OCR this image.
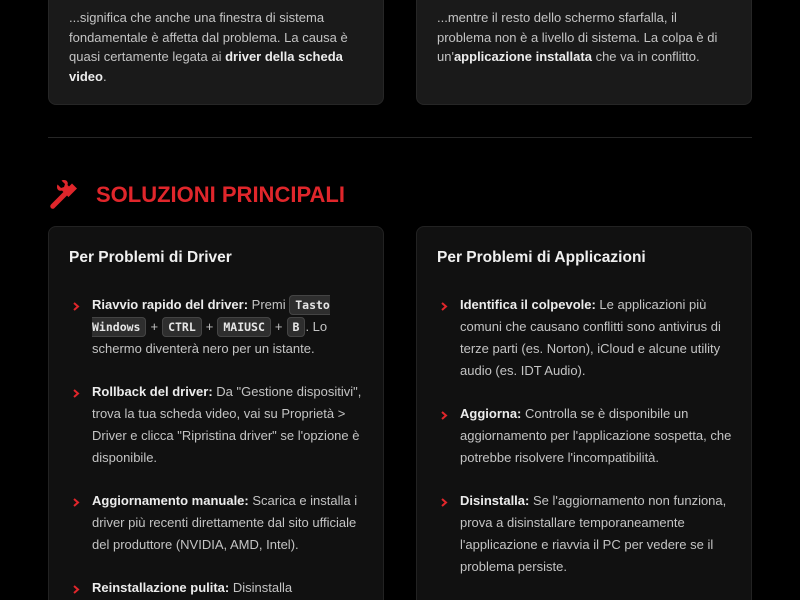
...significa che anche una finestra di sistema fondamentale è affetta dal problema. La causa è quasi certamente legata ai driver della scheda video.

...mentre il resto dello schermo sfarfalla, il problema non è a livello di sistema. La colpa è di un'applicazione installata che va in conflitto.

SOLUZIONI PRINCIPALI
Per Problemi di Driver
Riavvio rapido del driver: Premi Tasto Windows + CTRL + MAIUSC + B . Lo schermo diventerà nero per un istante.
Rollback del driver: Da "Gestione dispositivi", trova la tua scheda video, vai su Proprietà > Driver e clicca "Ripristina driver" se l'opzione è disponibile.
Aggiornamento manuale: Scarica e installa i driver più recenti direttamente dal sito ufficiale del produttore (NVIDIA, AMD, Intel).
Reinstallazione pulita: Disinstalla
Per Problemi di Applicazioni
Identifica il colpevole: Le applicazioni più comuni che causano conflitti sono antivirus di terze parti (es. Norton), iCloud e alcune utility audio (es. IDT Audio).
Aggiorna: Controlla se è disponibile un aggiornamento per l'applicazione sospetta, che potrebbe risolvere l'incompatibilità.
Disinstalla: Se l'aggiornamento non funziona, prova a disinstallare temporaneamente l'applicazione e riavvia il PC per vedere se il problema persiste.
